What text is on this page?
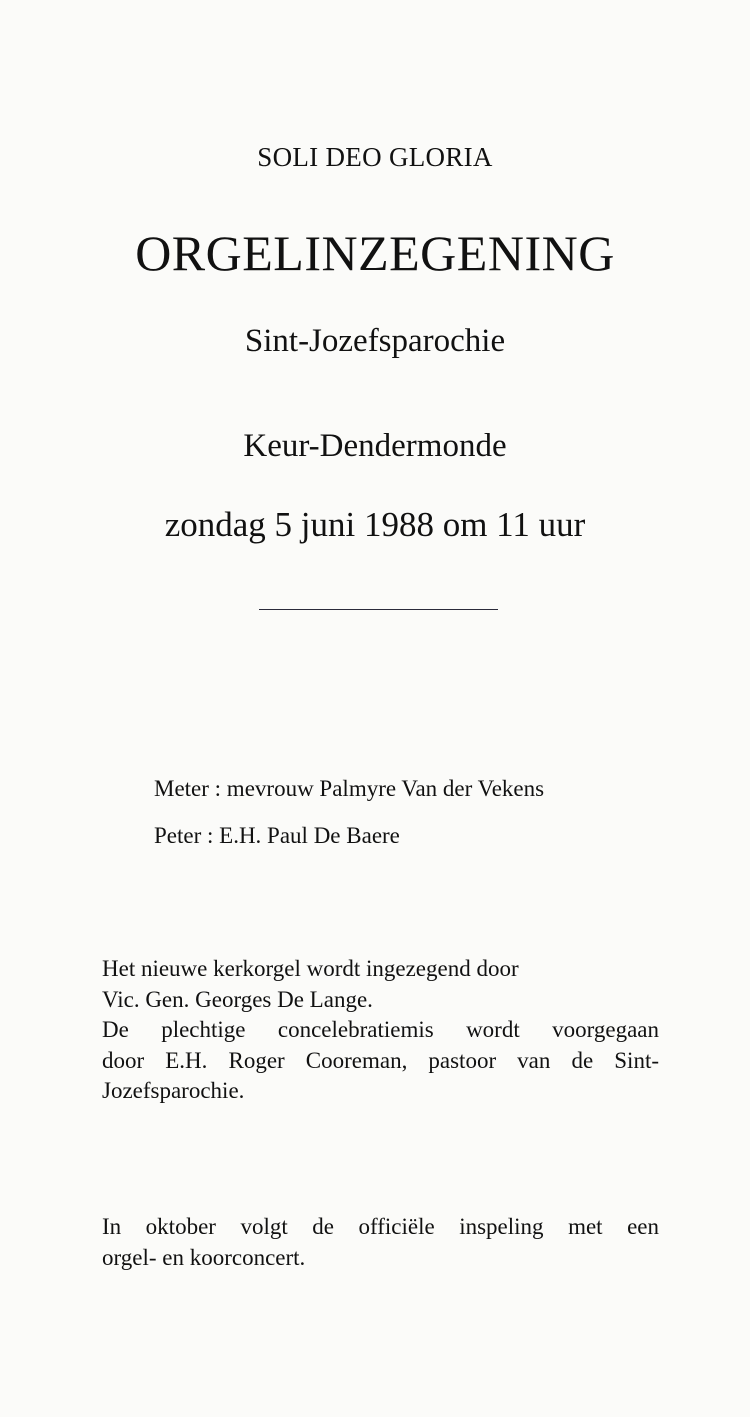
SOLI DEO GLORIA
ORGELINZEGENING
Sint-Jozefsparochie
Keur-Dendermonde
zondag 5 juni 1988 om 11 uur
Meter : mevrouw Palmyre Van der Vekens
Peter : E.H. Paul De Baere
Het nieuwe kerkorgel wordt ingezegend door
Vic. Gen. Georges De Lange.
De plechtige concelebratiemis wordt voorgegaan
door E.H. Roger Cooreman, pastoor van de Sint-
Jozefsparochie.
In oktober volgt de officiële inspeling met een
orgel- en koorconcert.
